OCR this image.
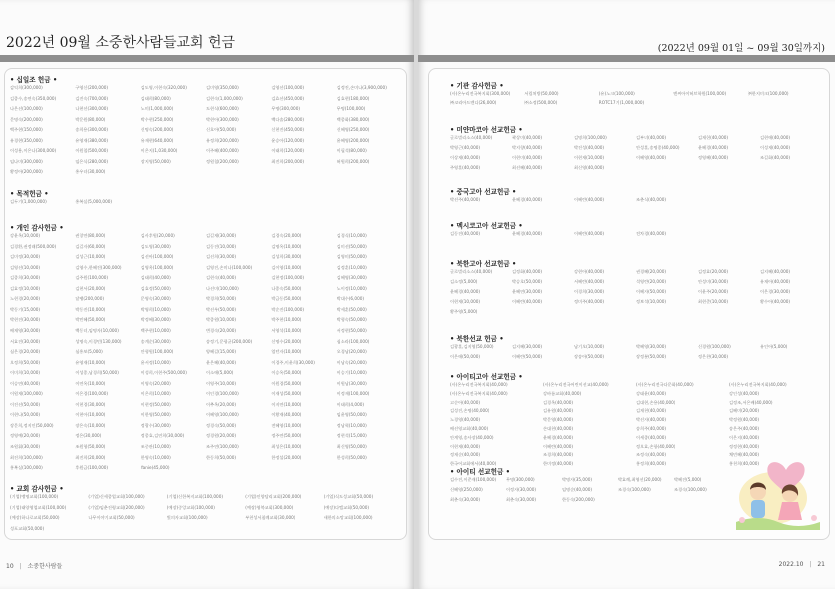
2022년 09월 소중한사람들교회 헌금
• 십일조 헌금 •
감익희(300,000)	구영신(200,000)	김도영,이현숙(320,000)	김미영(350,000)	김영선(100,000)	김정진,손미나(3,900,000)
김종수,송연숙(350,000)	김진숙(700,000)	김태희(80,000)	김현숙(1,000,000)	김효선(450,000)	김효현(180,000)
나은선(100,000)	나현선(300,000)	노미(1,000,000)	도현식(600,000)	무명(300,000)	무명(100,000)
문명숙(200,000)	박문원(80,000)	박수현(250,000)	박현아(300,000)	백다솔(280,000)	백종화(380,000)
백주현(150,000)	송희용(300,000)	신명숙(200,000)	신호아(50,000)	신현진(450,000)	신혜영(250,000)
유경현(350,000)	유영재(380,000)	유재현(640,000)	유정희(200,000)	윤승아(120,000)	윤혜영(200,000)
이성용,이은나(300,000)	이원철(500,000)	이은지(1,030,000)	이주혜(400,000)	이태희(120,000)	이필석(80,000)
임나미(300,000)	임은식(280,000)	장지영(50,000)	정원철(200,000)	최진희(200,000)	허원희(200,000)
황정아(200,000)	홍우녀(30,000)
• 목적헌금 •
김두기(1,000,000)	홍복실(5,000,000)
• 개인 감사헌금 •
강윤옥(10,000)	권창연(80,000)	김사후원(20,000)	김길재(30,000)	김경숙(20,000)	김경식(10,000)
김경환,권정래(500,000)	김길자(60,000)	김도영(30,000)	김동진(10,000)	김명옥(10,000)	김미선(50,000)
김미정(30,000)	김성근(10,000)	김선아(100,000)	김선희(30,000)	김성희(30,000)	김영미(50,000)
김영선(10,000)	김영수,한혜진(300,000)	김영옥(100,000)	김영진,손미나(100,000)	김이영(10,000)	김정훈(10,000)
김종희(30,000)	김주원(100,000)	김태희(40,000)	김현숙(40,000)	김현정(100,000)	김혜영(30,000)
김효정(10,000)	김현서(20,000)	김효정(50,000)	나선미(100,000)	나종숙(50,000)	노이정(10,000)
노현경(20,000)	달팽(200,000)	문영숙(30,000)	박경희(50,000)	박금동(50,000)	박대수(6,000)
박동기(15,000)	박동진(10,000)	박영희(10,000)	박선우(50,000)	박순진(100,000)	박세훈(50,000)
박현진(30,000)	박민혜(50,000)	박정혜(30,000)	박종원(10,000)	박주현(10,000)	박형숙(50,000)
배재영(30,000)	백동녀,임명자(10,000)	백주현(10,000)	변경숙(20,000)	서영석(10,000)	서정현(50,000)
서효진(30,000)	성명숙,이경민(130,000)	송계순(30,000)	송정기,문평균(200,000)	신명수(20,000)	심소라(100,000)
심은경(20,000)	심흥보(5,000)	안형원(100,000)	양혜길(15,000)	엄던자(10,000)	오경남(20,000)
오정희(50,000)	유영재(10,000)	윤서정(10,000)	윤은혜(40,000)	이경주,이윤희(30,000)	이남숙(20,000)
이미희(10,000)	이성종,남경희(50,000)	이성희,이현주(500,000)	이소애(5,000)	이승옥(50,000)	이승기(10,000)
이승연(40,000)	이연옥(10,000)	이영숙(20,000)	이영주(10,000)	이원경(50,000)	이원남(30,000)
이원재(100,000)	이은경(100,000)	이은희(10,000)	이인경(100,000)	이재성(50,000)	이정재(100,000)
이진선(50,000)	이현경(30,000)	이현정(50,000)	이추옥(20,000)	이지연(10,000)	이태희(4,000)
이현나(50,000)	이현아(10,000)	이한영(50,000)	이혜영(100,000)	이황재(40,000)	임윤영(50,000)
장문희,정지인(50,000)	장은숙(10,000)	정광수(30,000)	정경숙(50,000)	전혜영(10,000)	정남혁(10,000)
정영예(20,000)	정은(30,000)	정종효,김연희(30,000)	정경원(20,000)	정주연(50,000)	정현석(15,000)
조원휘(30,000)	조원형(50,000)	조중관(10,000)	조주연(100,000)	최성은(10,000)	최신영(50,000)
최진희(100,000)	최진희(20,000)	한영숙(10,000)	한동희(50,000)	한정섭(20,000)	한성희(50,000)
홍복실(100,000)	후원금(100,000)	Yanie(45,000)
• 교회 감사헌금 •
(기업)맹명교회(100,000)	(기업)신세종업교회(100,000)	(기업)신한복지교회(100,000)	(기업)인양담리교회(200,000)	(기업)식도성교회(50,000)
(기업)태양영업교회(100,000)	(기업)임춘진령교회(200,000)	(예장)중앙교회(100,000)	(예장)영북교회(300,000)	(예장)다엘교회(50,000)
(예장)하나로교회(50,000)	나무이야기교회(50,000)	빛의자교회(100,000)	부천성서침례교회(30,000)	새한의소망교회(100,000)
성포교회(50,000)
10 | 소중한사람들
(2022년 09월 01일 ~ 09월 30일까지)
• 기관 감사헌금 •
(사)온누리전국복지회(300,000)	서림처방(50,000)	(유)노크(100,000)	엔씨아이허브학원(100,000)	㈜한지미크(100,000)
㈜코리아드엔디(26,000)	㈜소정(500,000)	ROTC17기(1,000,000)
• 미얀마코아 선교헌금 •
글로벌리소스(40,000)	곽상미(40,000)	김명희(100,000)	김부녀(40,000)	김재헌(40,000)	김현애(40,000)
박영근(40,000)	박지향(40,000)	박진성(40,000)	안성훈,송명종(40,000)	윤혜경(40,000)	이성재(40,000)
이상재(40,000)	이현미(40,000)	이현재(10,000)	이혜영(40,000)	정영혜(40,000)	조길화(40,000)
주영훈(40,000)	최선혜(40,000)	최신영(40,000)
• 중국고아 선교헌금 •
박선주(40,000)	윤혜경(40,000)	이혜란(40,000)	조춘식(40,000)
• 멕시코고아 선교헌금 •
김동진(40,000)	윤혜경(40,000)	이혜란(40,000)	전차경(40,000)
• 북한고아 선교헌금 •
글로벌리소스(40,000)	김정화(40,000)	강현아(40,000)	권경혜(20,000)	김정효(20,000)	김지혜(40,000)
김소정(5,000)	박승호(50,000)	서혜란(40,000)	석영란(20,000)	안성미(30,000)	유재아(40,000)
윤혜경(40,000)	윤혜연(30,000)	이경희(30,000)	이혜자(50,000)	이윤주(20,000)	이은경(30,000)
이현재(10,000)	이혜란(40,000)	정미주(40,000)	정보석(10,000)	최현준(10,000)	황수아(40,000)
황주영(5,000)
• 북한선교 헌금 •
김광훈,김지영(50,000)	김지혜(30,000)	남기오(10,000)	박혜영(30,000)	신경원(100,000)	유인아(5,000)
이은애(50,000)	이혜란(50,000)	장송아(50,000)	장정분(50,000)	정은찬(30,000)
• 아이티고아 선교헌금 •
(사)온누리전국복지회(40,000)	(사)온누리전국어린이선교(40,000)	(사)온누리전국다문화(40,000)	(사)온누리전국복지회(40,000)
(사)온누리전국복지회(40,000)	강바름교회(40,000)	강태윤(40,000)	강인성(40,000)
고순아(40,000)	김경옥(40,000)	김대현,손용(40,000)	김정조,서은배(40,000)
김성진,손명(40,000)	김유원(40,000)	김재천(40,000)	김혜미(20,000)
노경영(40,000)	박문영(40,000)	박선자(40,000)	박정원(40,000)
배선영교회(40,000)	손대천(40,000)	송희주(40,000)	송은주(40,000)
안계영,송사장(40,000)	윤혜경(40,000)	이세종(40,000)	이은지(40,000)
이현재(40,000)	이혜란(40,000)	정오효,손항(40,000)	정정현(40,000)
정재순(40,000)	조경희(40,000)	조정숙(40,000)	채민혜(40,000)
한국어교회에서(40,000)	한미정(40,000)	홍정희(40,000)	홍천희(40,000)
• 아이티 선교헌금 •
김수진,이준재(100,000) 무명(300,000)	박명자(35,000)	박효례,최영선(20,000)	박혜진(5,000)
신혜영(250,000)	이정자(30,000)	임명순(40,000)	조경숙(100,000)	조경숙(100,000)
최춘숙(30,000)	최춘숙(30,000)	한동숙(200,000)
2022.10 | 21
